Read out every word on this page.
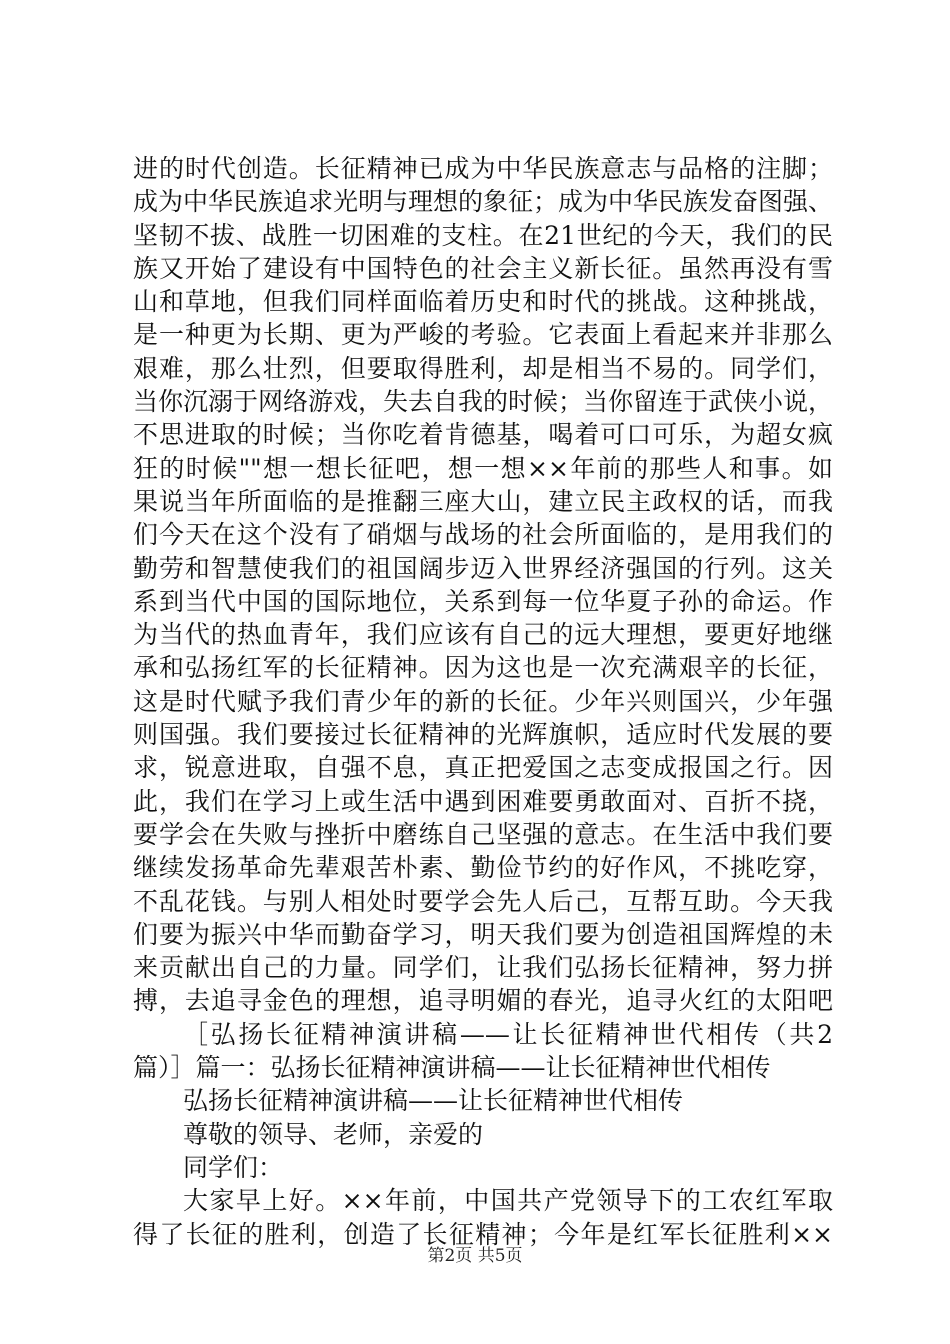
进的时代创造。长征精神已成为中华民族意志与品格的注脚；
成为中华民族追求光明与理想的象征；成为中华民族发奋图强、
坚韧不拔、战胜一切困难的支柱。在21世纪的今天，我们的民
族又开始了建设有中国特色的社会主义新长征。虽然再没有雪
山和草地，但我们同样面临着历史和时代的挑战。这种挑战，
是一种更为长期、更为严峻的考验。它表面上看起来并非那么
艰难，那么壮烈，但要取得胜利，却是相当不易的。同学们，
当你沉溺于网络游戏，失去自我的时候；当你留连于武侠小说，
不思进取的时候；当你吃着肯德基，喝着可口可乐，为超女疯
狂的时候""想一想长征吧，想一想××年前的那些人和事。如
果说当年所面临的是推翻三座大山，建立民主政权的话，而我
们今天在这个没有了硝烟与战场的社会所面临的，是用我们的
勤劳和智慧使我们的祖国阔步迈入世界经济强国的行列。这关
系到当代中国的国际地位，关系到每一位华夏子孙的命运。作
为当代的热血青年，我们应该有自己的远大理想，要更好地继
承和弘扬红军的长征精神。因为这也是一次充满艰辛的长征，
这是时代赋予我们青少年的新的长征。少年兴则国兴，少年强
则国强。我们要接过长征精神的光辉旗帜，适应时代发展的要
求，锐意进取，自强不息，真正把爱国之志变成报国之行。因
此，我们在学习上或生活中遇到困难要勇敢面对、百折不挠，
要学会在失败与挫折中磨练自己坚强的意志。在生活中我们要
继续发扬革命先辈艰苦朴素、勤俭节约的好作风，不挑吃穿，
不乱花钱。与别人相处时要学会先人后己，互帮互助。今天我
们要为振兴中华而勤奋学习，明天我们要为创造祖国辉煌的未
来贡献出自己的力量。同学们，让我们弘扬长征精神，努力拼
搏，去追寻金色的理想，追寻明媚的春光，追寻火红的太阳吧
［弘扬长征精神演讲稿——让长征精神世代相传（共2
篇）］篇一：弘扬长征精神演讲稿——让长征精神世代相传
弘扬长征精神演讲稿——让长征精神世代相传
尊敬的领导、老师，亲爱的
同学们：
大家早上好。××年前，中国共产党领导下的工农红军取
得了长征的胜利，创造了长征精神；今年是红军长征胜利××
第2页 共5页
